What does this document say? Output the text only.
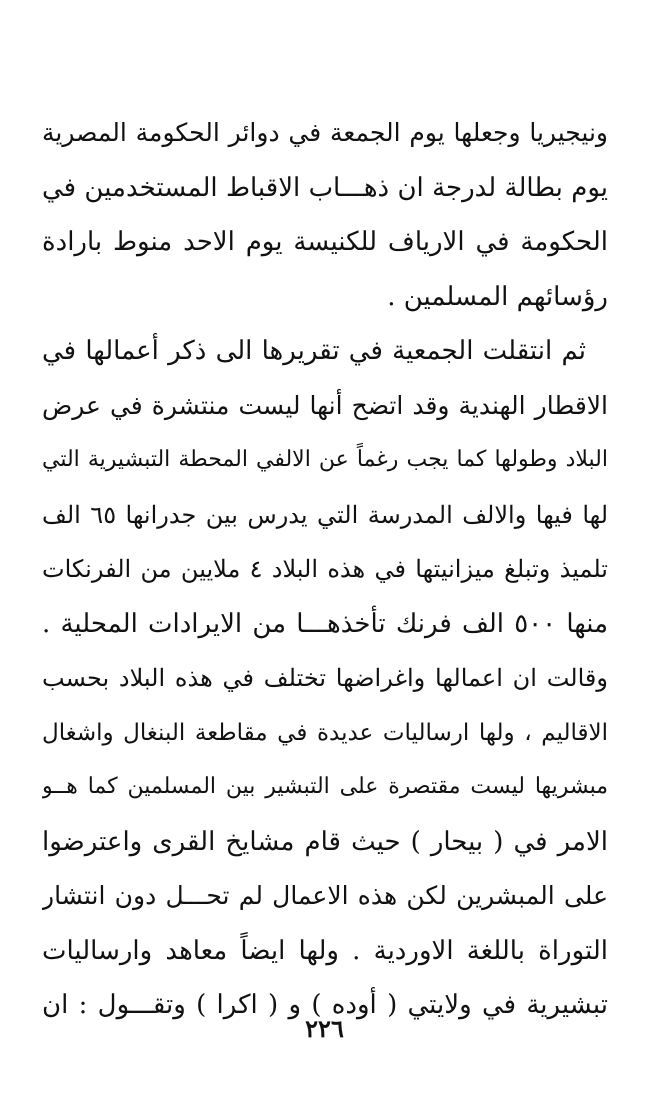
ونيجيريا وجعلها يوم الجمعة في دوائر الحكومة المصرية
يوم بطالة لدرجة ان ذهـــاب الاقباط المستخدمين في
الحكومة في الارياف للكنيسة يوم الاحد منوط بارادة
رؤسائهم المسلمين .
ثم انتقلت الجمعية في تقريرها الى ذكر أعمالها في
الاقطار الهندية وقد اتضح أنها ليست منتشرة في عرض
البلاد وطولها كما يجب رغماً عن الالفي المحطة التبشيرية التي
لها فيها والالف المدرسة التي يدرس بين جدرانها ٦٥ الف
تلميذ وتبلغ ميزانيتها في هذه البلاد ٤ ملايين من الفرنكات
منها ٥٠٠ الف فرنك تأخذهـــا من الايرادات المحلية .
وقالت ان اعمالها واغراضها تختلف في هذه البلاد بحسب
الاقاليم ، ولها ارساليات عديدة في مقاطعة البنغال واشغال
مبشريها ليست مقتصرة على التبشير بين المسلمين كما هــو
الامر في ( بيحار ) حيث قام مشايخ القرى واعترضوا
على المبشرين لكن هذه الاعمال لم تحـــل دون انتشار
التوراة باللغة الاوردية . ولها ايضاً معاهد وارساليات
تبشيرية في ولايتي ( أوده ) و ( اكرا ) وتقـــول : ان
٢٢٦
